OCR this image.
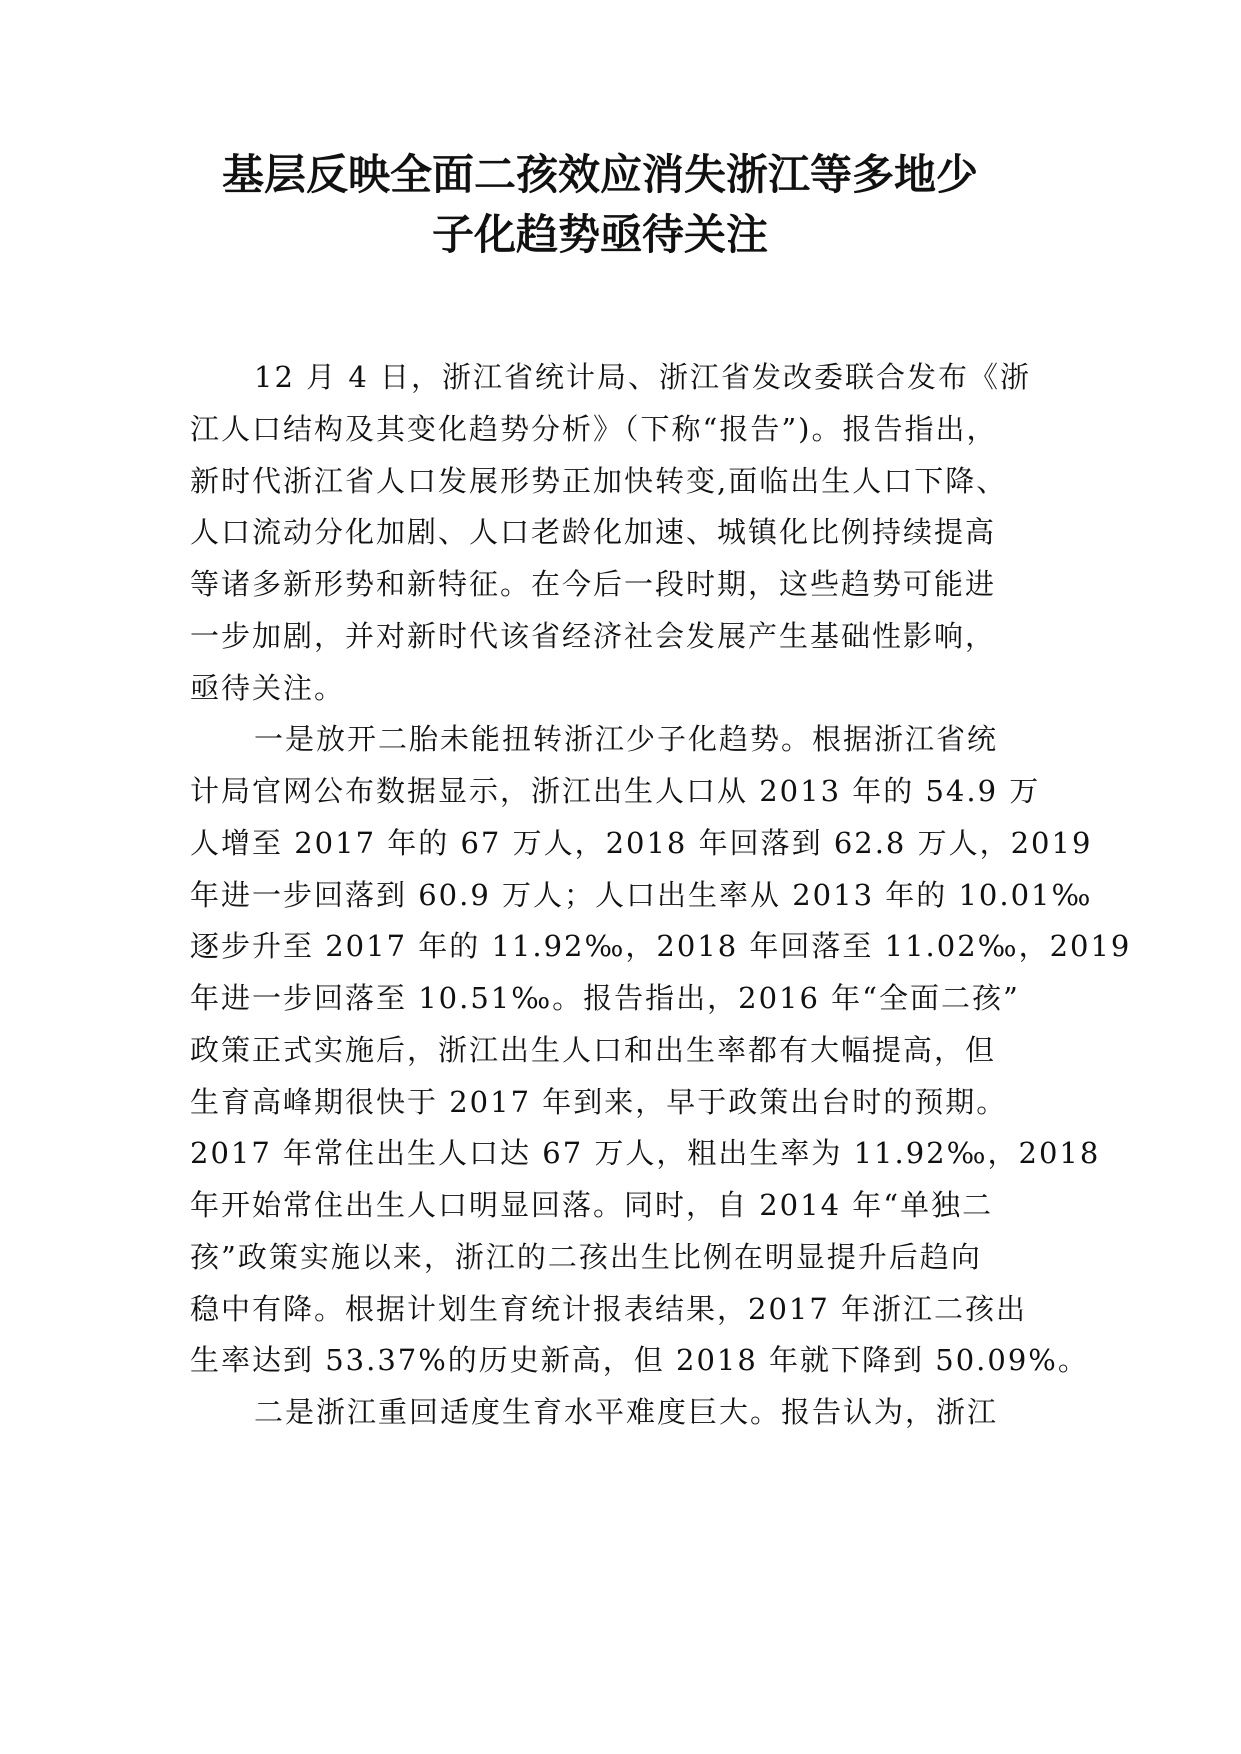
基层反映全面二孩效应消失浙江等多地少
子化趋势亟待关注
12 月 4 日，浙江省统计局、浙江省发改委联合发布《浙
江人口结构及其变化趋势分析》（下称“报告”)。报告指出，
新时代浙江省人口发展形势正加快转变,面临出生人口下降、
人口流动分化加剧、人口老龄化加速、城镇化比例持续提高
等诸多新形势和新特征。在今后一段时期，这些趋势可能进
一步加剧，并对新时代该省经济社会发展产生基础性影响，
亟待关注。
一是放开二胎未能扭转浙江少子化趋势。根据浙江省统
计局官网公布数据显示，浙江出生人口从 2013 年的 54.9 万
人增至 2017 年的 67 万人，2018 年回落到 62.8 万人，2019
年进一步回落到 60.9 万人；人口出生率从 2013 年的 10.01‰
逐步升至 2017 年的 11.92‰，2018 年回落至 11.02‰，2019
年进一步回落至 10.51‰。报告指出，2016 年“全面二孩”
政策正式实施后，浙江出生人口和出生率都有大幅提高，但
生育高峰期很快于 2017 年到来，早于政策出台时的预期。
2017 年常住出生人口达 67 万人，粗出生率为 11.92‰，2018
年开始常住出生人口明显回落。同时，自 2014 年“单独二
孩”政策实施以来，浙江的二孩出生比例在明显提升后趋向
稳中有降。根据计划生育统计报表结果，2017 年浙江二孩出
生率达到 53.37%的历史新高，但 2018 年就下降到 50.09%。
二是浙江重回适度生育水平难度巨大。报告认为，浙江
